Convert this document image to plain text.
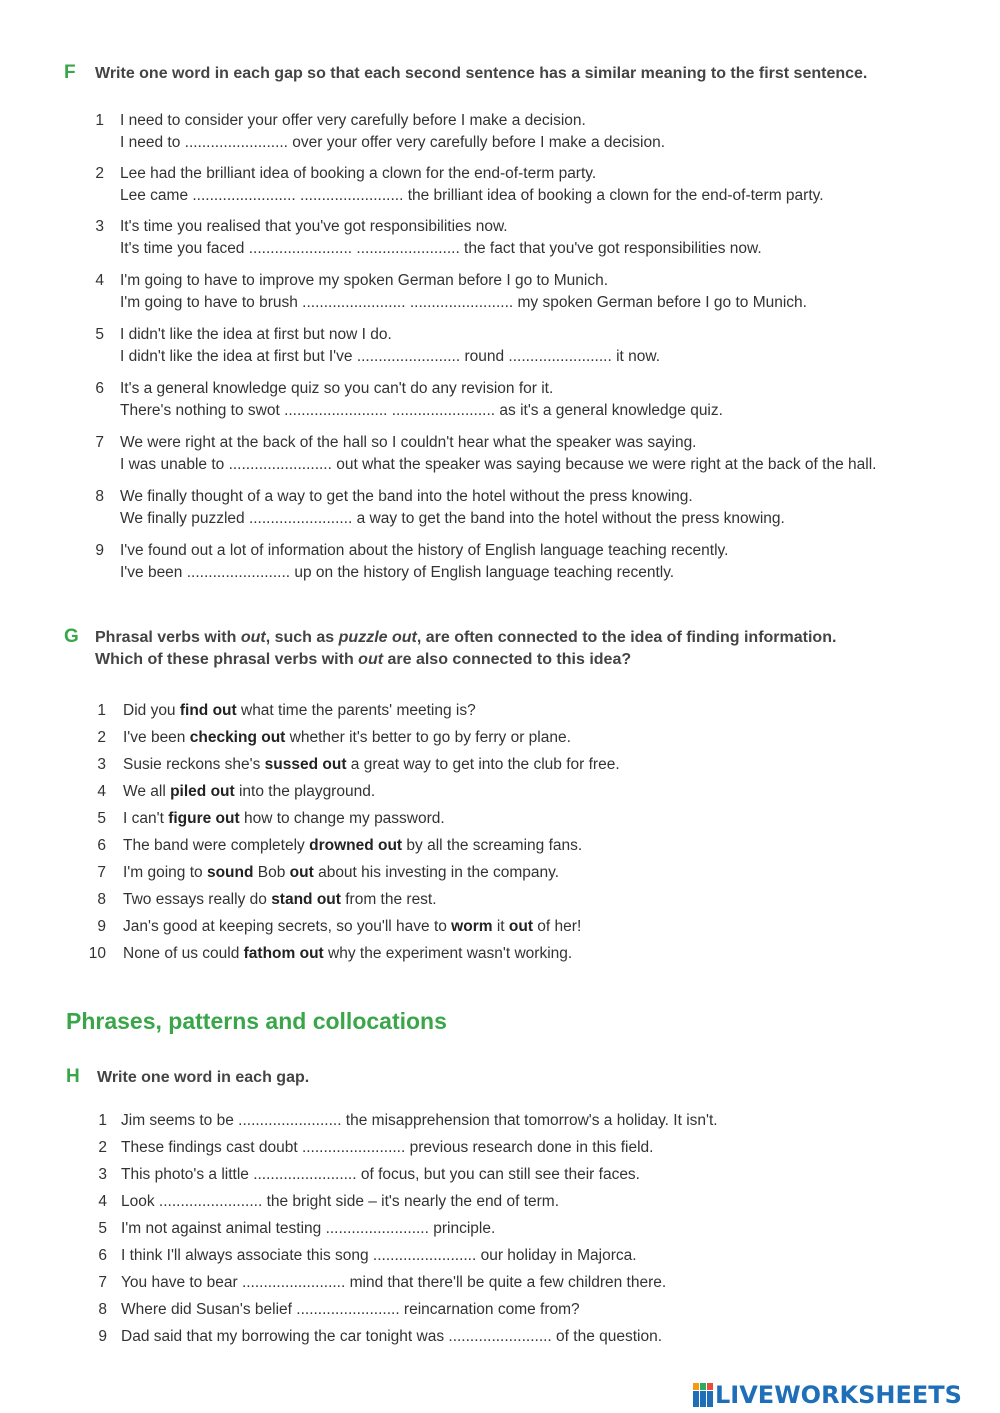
F Write one word in each gap so that each second sentence has a similar meaning to the first sentence.
1 I need to consider your offer very carefully before I make a decision.
I need to ........................ over your offer very carefully before I make a decision.
2 Lee had the brilliant idea of booking a clown for the end-of-term party.
Lee came ........................ ........................ the brilliant idea of booking a clown for the end-of-term party.
3 It's time you realised that you've got responsibilities now.
It's time you faced ........................ ........................ the fact that you've got responsibilities now.
4 I'm going to have to improve my spoken German before I go to Munich.
I'm going to have to brush ........................ ........................ my spoken German before I go to Munich.
5 I didn't like the idea at first but now I do.
I didn't like the idea at first but I've ........................ round ........................ it now.
6 It's a general knowledge quiz so you can't do any revision for it.
There's nothing to swot ........................ ........................ as it's a general knowledge quiz.
7 We were right at the back of the hall so I couldn't hear what the speaker was saying.
I was unable to ........................ out what the speaker was saying because we were right at the back of the hall.
8 We finally thought of a way to get the band into the hotel without the press knowing.
We finally puzzled ........................ a way to get the band into the hotel without the press knowing.
9 I've found out a lot of information about the history of English language teaching recently.
I've been ........................ up on the history of English language teaching recently.
G Phrasal verbs with out, such as puzzle out, are often connected to the idea of finding information.
Which of these phrasal verbs with out are also connected to this idea?
1 Did you find out what time the parents' meeting is?
2 I've been checking out whether it's better to go by ferry or plane.
3 Susie reckons she's sussed out a great way to get into the club for free.
4 We all piled out into the playground.
5 I can't figure out how to change my password.
6 The band were completely drowned out by all the screaming fans.
7 I'm going to sound Bob out about his investing in the company.
8 Two essays really do stand out from the rest.
9 Jan's good at keeping secrets, so you'll have to worm it out of her!
10 None of us could fathom out why the experiment wasn't working.
Phrases, patterns and collocations
H Write one word in each gap.
1 Jim seems to be ........................ the misapprehension that tomorrow's a holiday. It isn't.
2 These findings cast doubt ........................ previous research done in this field.
3 This photo's a little ........................ of focus, but you can still see their faces.
4 Look ........................ the bright side – it's nearly the end of term.
5 I'm not against animal testing ........................ principle.
6 I think I'll always associate this song ........................ our holiday in Majorca.
7 You have to bear ........................ mind that there'll be quite a few children there.
8 Where did Susan's belief ........................ reincarnation come from?
9 Dad said that my borrowing the car tonight was ........................ of the question.
LIVEWORKSHEETS
